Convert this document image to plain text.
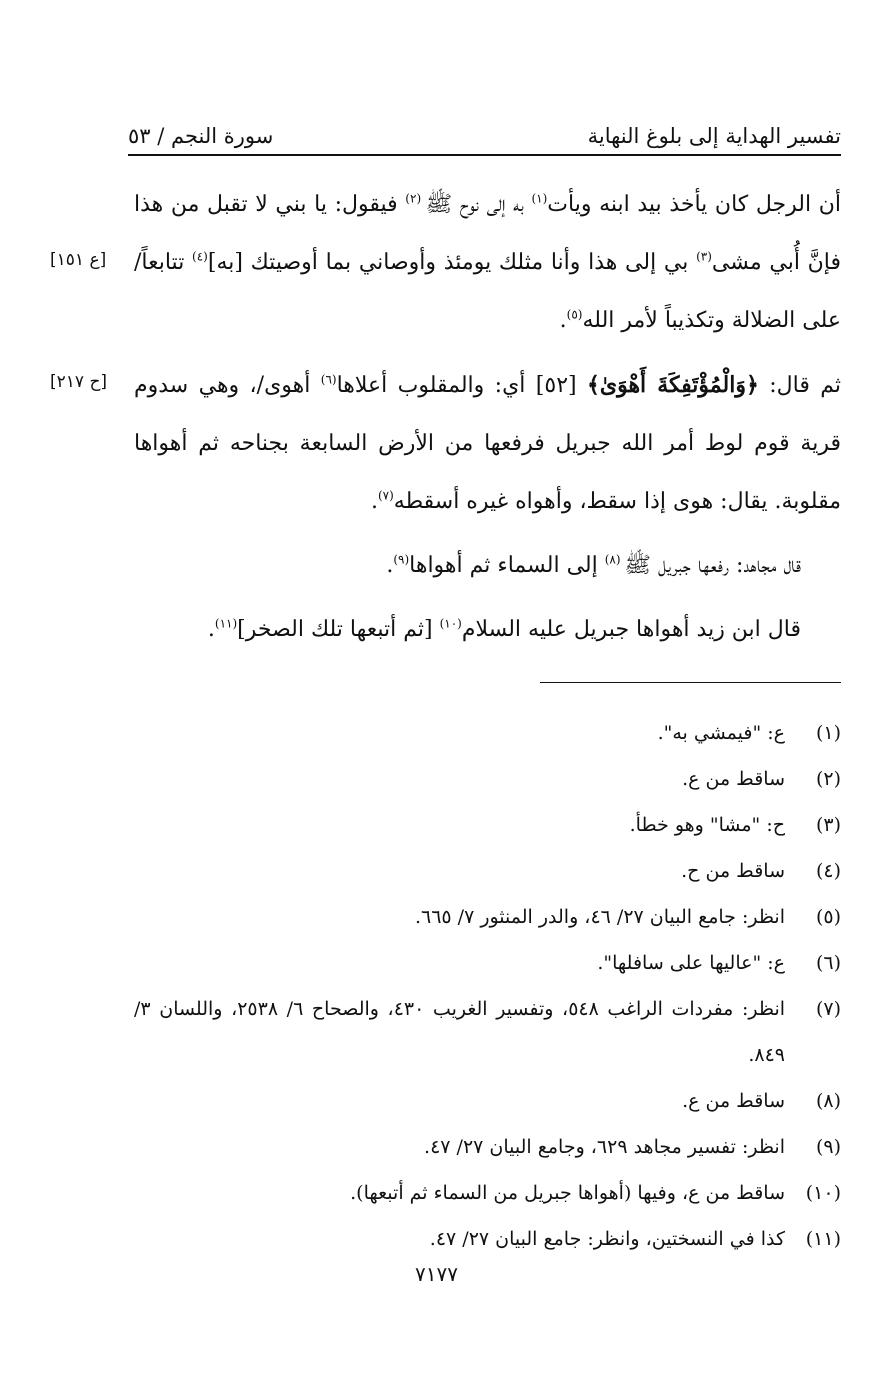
تفسير الهداية إلى بلوغ النهاية
سورة النجم / ٥٣
[ع ١٥١]
[ح ٢١٧]

أن الرجل كان يأخذ بيد ابنه ويأت$^{(١)}$ به إلى نوح ﷺ $^{(٢)}$ فيقول: يا بني لا تقبل من هذا فإنَّ أُبي مشى$^{(٣)}$ بي إلى هذا وأنا مثلك يومئذ وأوصاني بما أوصيتك [به]$^{(٤)}$ تتابعاً/ على الضلالة وتكذيباً لأمر الله$^{(٥)}$.

ثم قال: ﴿وَالْمُؤْتَفِكَةَ أَهْوَىٰ﴾ [٥٢] أي: والمقلوب أعلاها$^{(٦)}$ أهوى/، وهي سدوم قرية قوم لوط أمر الله جبريل فرفعها من الأرض السابعة بجناحه ثم أهواها مقلوبة. يقال: هوى إذا سقط، وأهواه غيره أسقطه$^{(٧)}$.

قال مجاهد: رفعها جبريل ﷺ $^{(٨)}$ إلى السماء ثم أهواها$^{(٩)}$.

قال ابن زيد أهواها جبريل عليه السلام$^{(١٠)}$ [ثم أتبعها تلك الصخر]$^{(١١)}$.

(١)
ع: "فيمشي به".
(٢)
ساقط من ع.
(٣)
ح: "مشا" وهو خطأ.
(٤)
ساقط من ح.
(٥)
انظر: جامع البيان ٢٧/ ٤٦، والدر المنثور ٧/ ٦٦٥.
(٦)
ع: "عاليها على سافلها".
(٧)
انظر: مفردات الراغب ٥٤٨، وتفسير الغريب ٤٣٠، والصحاح ٦/ ٢٥٣٨، واللسان ٣/ ٨٤٩.
(٨)
ساقط من ع.
(٩)
انظر: تفسير مجاهد ٦٢٩، وجامع البيان ٢٧/ ٤٧.
(١٠)
ساقط من ع، وفيها (أهواها جبريل من السماء ثم أتبعها).
(١١)
كذا في النسختين، وانظر: جامع البيان ٢٧/ ٤٧.
٧١٧٧
